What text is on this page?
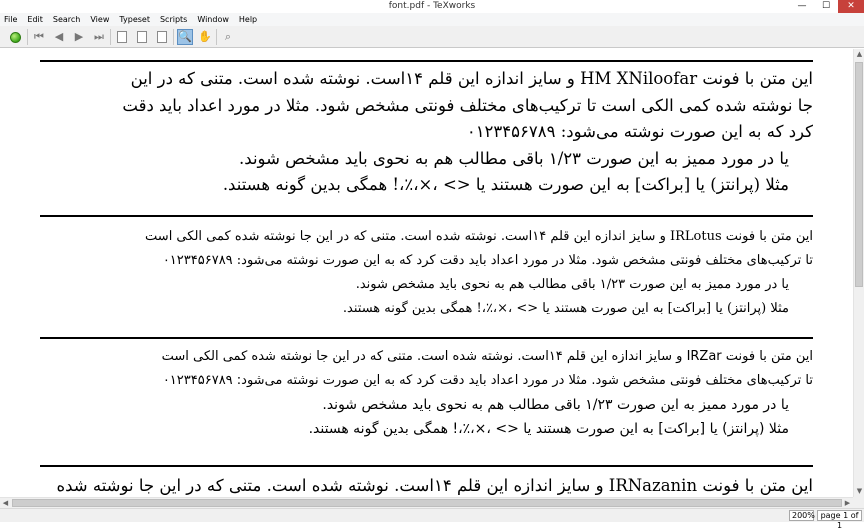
font.pdf - TeXworks	—	☐	✕
File Edit Search View Typeset Scripts Window Help
⏮ ◀	▶ ⏭	🔍 ✋	⌕
این متن با فونت HM XNiloofar و سایز اندازه این قلم ۱۴است. نوشته شده است. متنی که در این
جا نوشته شده کمی الکی است تا ترکیب‌های مختلف فونتی مشخص شود. مثلا در مورد اعداد باید دقت
کرد که به این صورت نوشته می‌شود: ۰۱۲۳۴۵۶۷۸۹
یا در مورد ممیز به این صورت ۱/۲۳ باقی مطالب هم به نحوی باید مشخص شوند.
مثلا (پرانتز) یا [براکت] به این صورت هستند یا <> ،×،٪،! همگی بدین گونه هستند.
این متن با فونت IRLotus و سایز اندازه این قلم ۱۴است. نوشته شده است. متنی که در این جا نوشته شده کمی الکی است
تا ترکیب‌های مختلف فونتی مشخص شود. مثلا در مورد اعداد باید دقت کرد که به این صورت نوشته می‌شود: ۰۱۲۳۴۵۶۷۸۹
یا در مورد ممیز به این صورت ۱/۲۳ باقی مطالب هم به نحوی باید مشخص شوند.
مثلا (پرانتز) یا [براکت] به این صورت هستند یا <> ،×،٪،! همگی بدین گونه هستند.
این متن با فونت IRZar و سایز اندازه این قلم ۱۴است. نوشته شده است. متنی که در این جا نوشته شده کمی الکی است
تا ترکیب‌های مختلف فونتی مشخص شود. مثلا در مورد اعداد باید دقت کرد که به این صورت نوشته می‌شود: ۰۱۲۳۴۵۶۷۸۹
یا در مورد ممیز به این صورت ۱/۲۳ باقی مطالب هم به نحوی باید مشخص شوند.
مثلا (پرانتز) یا [براکت] به این صورت هستند یا <> ،×،٪،! همگی بدین گونه هستند.
این متن با فونت IRNazanin و سایز اندازه این قلم ۱۴است. نوشته شده است. متنی که در این جا نوشته شده
▲
▼
◀	▶
200% page 1 of 1
